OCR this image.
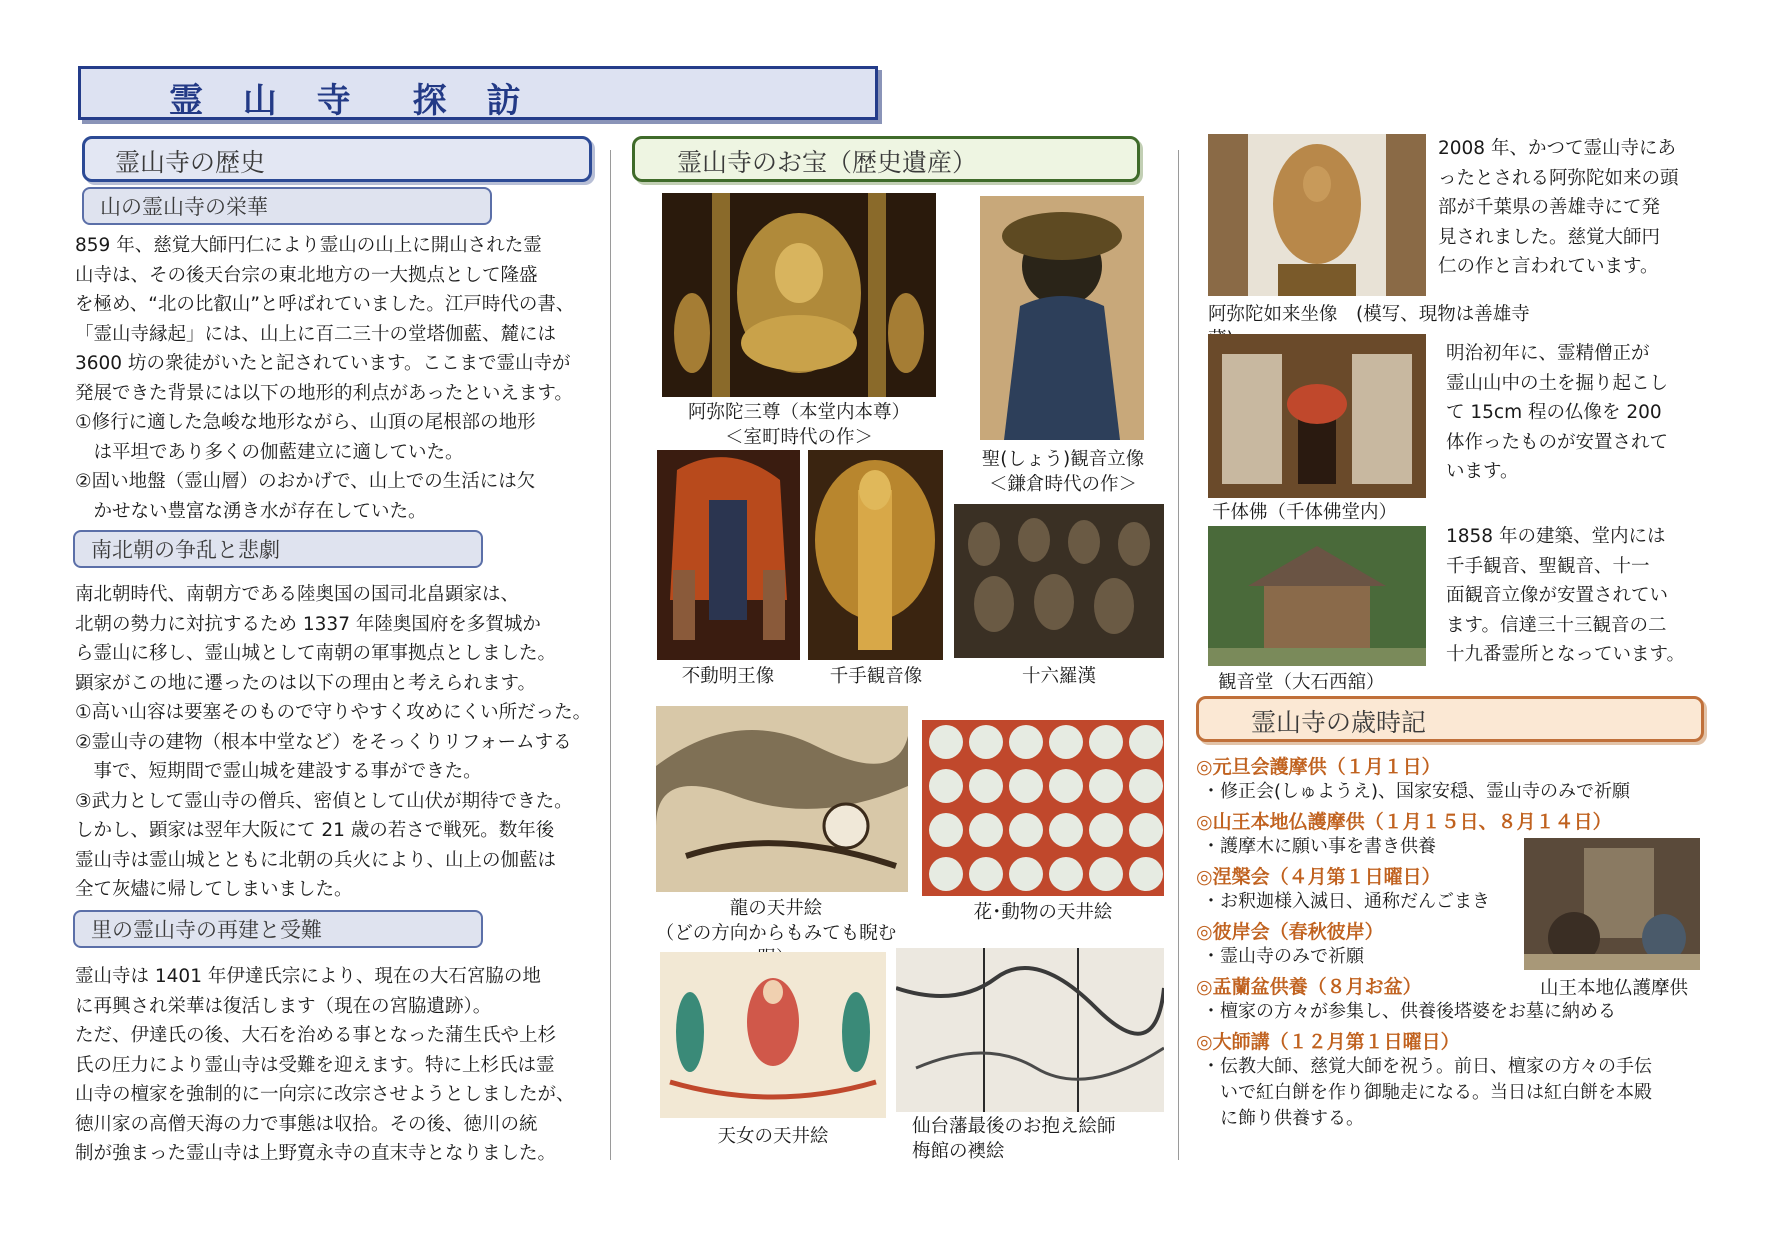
霊 山 寺　探 訪
霊山寺の歴史
山の霊山寺の栄華
859 年、慈覚大師円仁により霊山の山上に開山された霊
山寺は、その後天台宗の東北地方の一大拠点として隆盛
を極め、“北の比叡山”と呼ばれていました。江戸時代の書、
「霊山寺縁起」には、山上に百二三十の堂塔伽藍、麓には
3600 坊の衆徒がいたと記されています。ここまで霊山寺が
発展できた背景には以下の地形的利点があったといえます。
①修行に適した急峻な地形ながら、山頂の尾根部の地形
　は平坦であり多くの伽藍建立に適していた。
②固い地盤（霊山層）のおかげで、山上での生活には欠
　かせない豊富な湧き水が存在していた。
南北朝の争乱と悲劇
南北朝時代、南朝方である陸奥国の国司北畠顕家は、
北朝の勢力に対抗するため 1337 年陸奥国府を多賀城か
ら霊山に移し、霊山城として南朝の軍事拠点としました。
顕家がこの地に遷ったのは以下の理由と考えられます。
①高い山容は要塞そのもので守りやすく攻めにくい所だった。
②霊山寺の建物（根本中堂など）をそっくりリフォームする
　事で、短期間で霊山城を建設する事ができた。
③武力として霊山寺の僧兵、密偵として山伏が期待できた。
しかし、顕家は翌年大阪にて 21 歳の若さで戦死。数年後
霊山寺は霊山城とともに北朝の兵火により、山上の伽藍は
全て灰燼に帰してしまいました。
里の霊山寺の再建と受難
霊山寺は 1401 年伊達氏宗により、現在の大石宮脇の地
に再興され栄華は復活します（現在の宮脇遺跡）。
ただ、伊達氏の後、大石を治める事となった蒲生氏や上杉
氏の圧力により霊山寺は受難を迎えます。特に上杉氏は霊
山寺の檀家を強制的に一向宗に改宗させようとしましたが、
徳川家の高僧天海の力で事態は収拾。その後、徳川の統
制が強まった霊山寺は上野寛永寺の直末寺となりました。
霊山寺のお宝（歴史遺産）
阿弥陀三尊（本堂内本尊）
＜室町時代の作＞
聖(しょう)観音立像
＜鎌倉時代の作＞
不動明王像	千手観音像	十六羅漢
龍の天井絵
（どの方向からもみても睨む
花･動物の天井絵
天女の天井絵	仙台藩最後のお抱え絵師
梅館の襖絵
阿弥陀如来坐像　(模写、現物は善雄寺
2008 年、かつて霊山寺にあ
ったとされる阿弥陀如来の頭
部が千葉県の善雄寺にて発
見されました。慈覚大師円
仁の作と言われています。
千体佛（千体佛堂内）
明治初年に、霊精僧正が
霊山山中の土を掘り起こし
て 15cm 程の仏像を 200
体作ったものが安置されて
います。
観音堂（大石西舘）
1858 年の建築、堂内には
千手観音、聖観音、十一
面観音立像が安置されてい
ます。信達三十三観音の二
十九番霊所となっています。
霊山寺の歳時記
◎元旦会護摩供（１月１日）
・修正会(しゅようえ)、国家安穏、霊山寺のみで祈願
◎山王本地仏護摩供（１月１５日、８月１４日）
・護摩木に願い事を書き供養
◎涅槃会（４月第１日曜日）
・お釈迦様入滅日、通称だんごまき
◎彼岸会（春秋彼岸）
・霊山寺のみで祈願
◎盂蘭盆供養（８月お盆）
・檀家の方々が参集し、供養後塔婆をお墓に納める
◎大師講（１２月第１日曜日）
・伝教大師、慈覚大師を祝う。前日、檀家の方々の手伝
　いで紅白餅を作り御馳走になる。当日は紅白餅を本殿
　に飾り供養する。
山王本地仏護摩供
